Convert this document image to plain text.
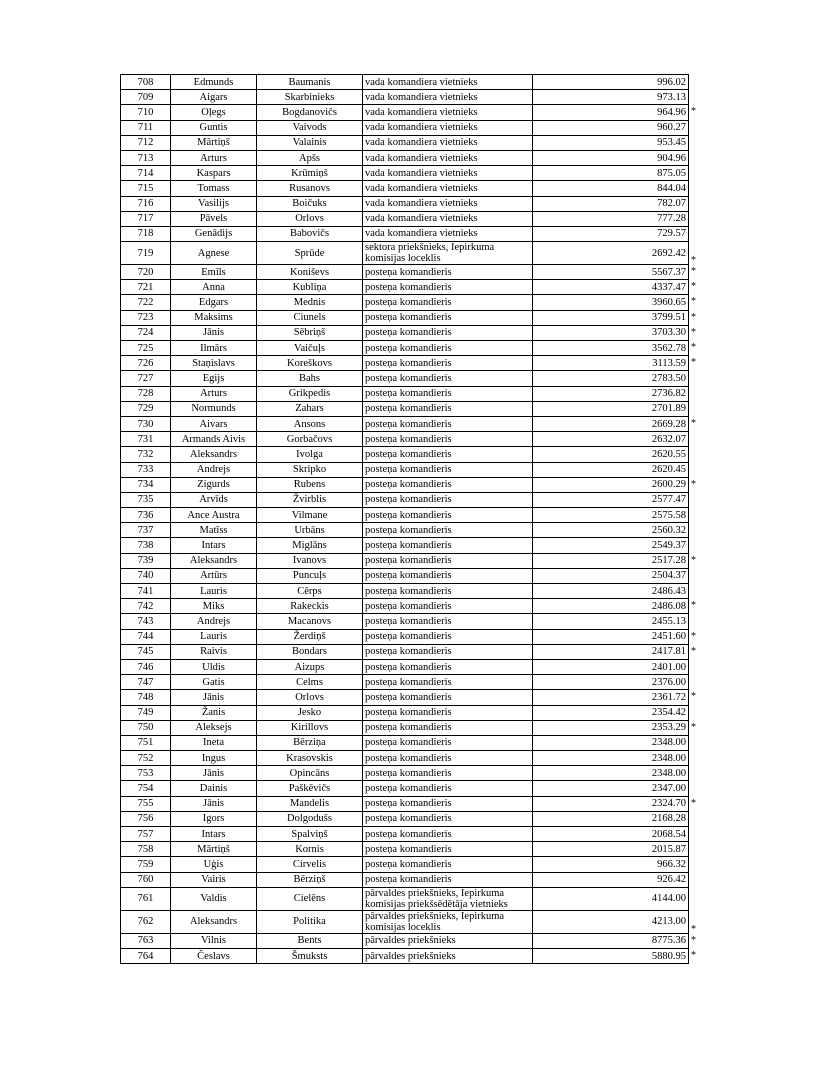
708	Edmunds	Baumanis	vada komandiera vietnieks	996.02

709	Aigars	Skarbinieks	vada komandiera vietnieks	973.13

710	Oļegs	Bogdanovičs	vada komandiera vietnieks	964.96 *

711	Guntis	Vaivods	vada komandiera vietnieks	960.27

712	Mārtiņš	Valainis	vada komandiera vietnieks	953.45

713	Arturs	Apšs	vada komandiera vietnieks	904.96

714	Kaspars	Krūmiņš	vada komandiera vietnieks	875.05

715	Tomass	Rusanovs	vada komandiera vietnieks	844.04

716	Vasilijs	Boičuks	vada komandiera vietnieks	782.07

717	Pāvels	Orlovs	vada komandiera vietnieks	777.28

718	Genādijs	Babovičs	vada komandiera vietnieks	729.57

719	Agnese	Sprūde	sektora priekšnieks, Iepirkuma komisijas loceklis	2692.42
*

720	Emīls	Koniševs	posteņa komandieris	5567.37 *

721	Anna	Kubliņa	posteņa komandieris	4337.47 *

722	Edgars	Mednis	posteņa komandieris	3960.65 *

723	Maksims	Ciunels	posteņa komandieris	3799.51 *

724	Jānis	Sēbriņš	posteņa komandieris	3703.30 *

725	Ilmārs	Vaičuļs	posteņa komandieris	3562.78 *

726	Staņislavs	Koreškovs	posteņa komandieris	3113.59 *

727	Egijs	Bahs	posteņa komandieris	2783.50

728	Arturs	Grikpedis	posteņa komandieris	2736.82

729	Normunds	Zahars	posteņa komandieris	2701.89

730	Aivars	Ansons	posteņa komandieris	2669.28 *

731	Armands Aivis	Gorbačovs	posteņa komandieris	2632.07

732	Aleksandrs	Ivolga	posteņa komandieris	2620.55

733	Andrejs	Skripko	posteņa komandieris	2620.45

734	Zigurds	Rubens	posteņa komandieris	2600.29 *

735	Arvīds	Žvirblis	posteņa komandieris	2577.47

736	Ance Austra	Vilmane	posteņa komandieris	2575.58

737	Matīss	Urbāns	posteņa komandieris	2560.32

738	Intars	Miglāns	posteņa komandieris	2549.37

739	Aleksandrs	Ivanovs	posteņa komandieris	2517.28 *

740	Artūrs	Puncuļs	posteņa komandieris	2504.37

741	Lauris	Cērps	posteņa komandieris	2486.43

742	Miks	Rakeckis	posteņa komandieris	2486.08 *

743	Andrejs	Macanovs	posteņa komandieris	2455.13

744	Lauris	Žerdiņš	posteņa komandieris	2451.60 *

745	Raivis	Bondars	posteņa komandieris	2417.81 *

746	Uldis	Aizups	posteņa komandieris	2401.00

747	Gatis	Celms	posteņa komandieris	2376.00

748	Jānis	Orlovs	posteņa komandieris	2361.72 *

749	Žanis	Jesko	posteņa komandieris	2354.42

750	Aleksejs	Kirillovs	posteņa komandieris	2353.29 *

751	Ineta	Bērziņa	posteņa komandieris	2348.00

752	Ingus	Krasovskis	posteņa komandieris	2348.00

753	Jānis	Opincāns	posteņa komandieris	2348.00

754	Dainis	Paškēvičs	posteņa komandieris	2347.00

755	Jānis	Mandelis	posteņa komandieris	2324.70 *

756	Igors	Dolgodušs	posteņa komandieris	2168.28

757	Intars	Spalviņš	posteņa komandieris	2068.54

758	Mārtiņš	Kornis	posteņa komandieris	2015.87

759	Uģis	Cirvelis	posteņa komandieris	966.32

760	Vairis	Bērziņš	posteņa komandieris	926.42

761	Valdis	Cielēns	pārvaldes priekšnieks, Iepirkuma komisijas priekšsēdētāja vietnieks	4144.00

762	Aleksandrs	Politika	pārvaldes priekšnieks, Iepirkuma komisijas loceklis	4213.00
*

763	Vilnis	Bents	pārvaldes priekšnieks	8775.36 *

764	Česlavs	Šmuksts	pārvaldes priekšnieks	5880.95 *
